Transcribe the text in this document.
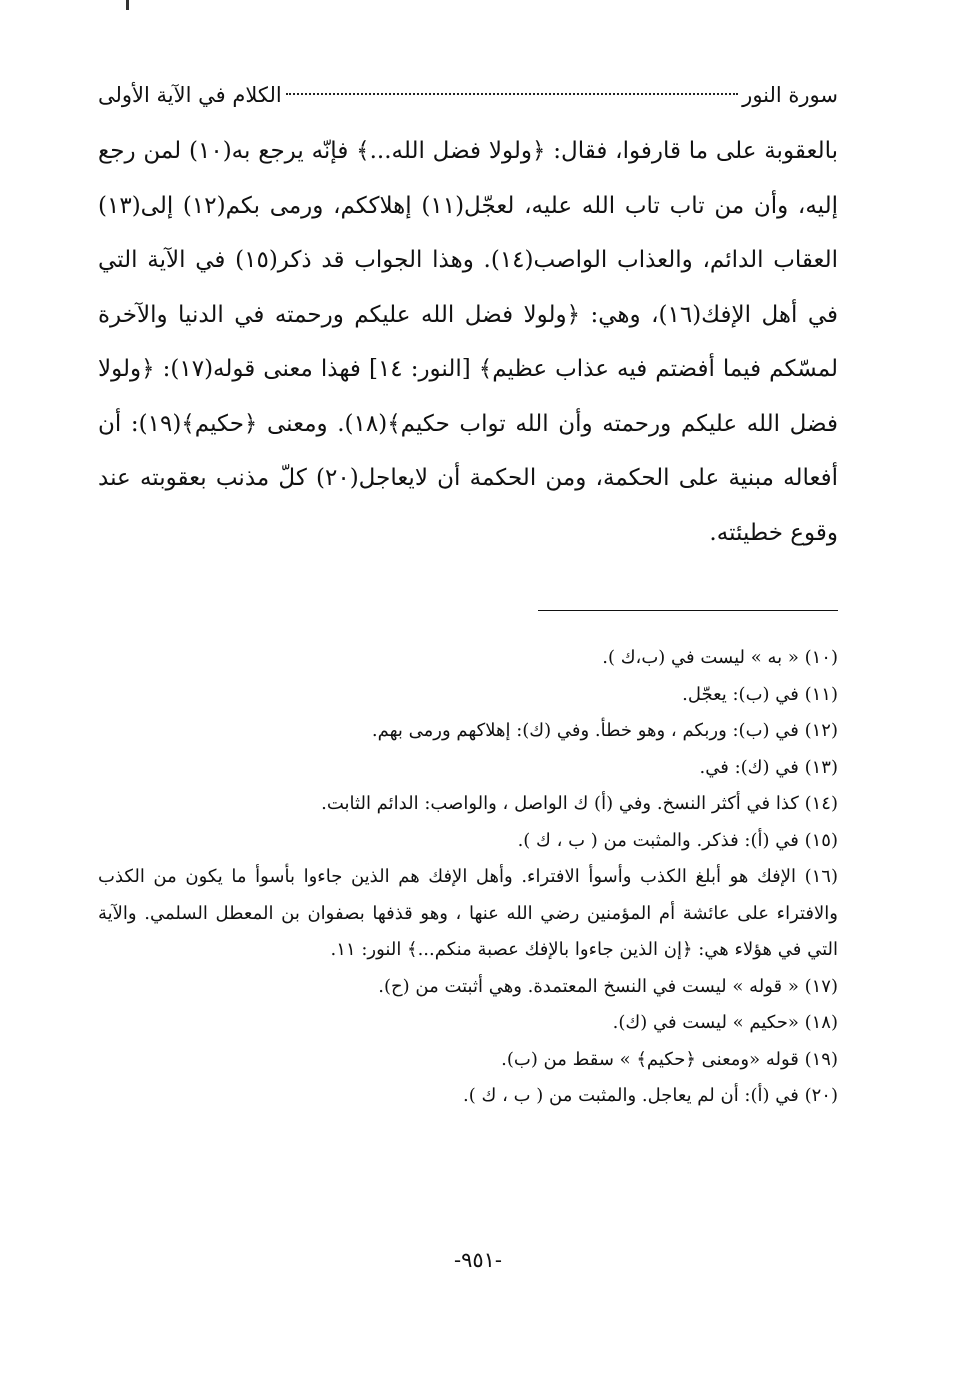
سورة النور
الكلام في الآية الأولى

بالعقوبة على ما قارفوا، فقال: ﴿ولولا فضل الله...﴾ فإنّه يرجع به(١٠) لمن رجع إليه، وأن من تاب تاب الله عليه، لعجّل(١١) إهلاككم، ورمى بكم(١٢) إلى(١٣) العقاب الدائم، والعذاب الواصب(١٤). وهذا الجواب قد ذكر(١٥) في الآية التي في أهل الإفك(١٦)، وهي: ﴿ولولا فضل الله عليكم ورحمته في الدنيا والآخرة لمسّكم فيما أفضتم فيه عذاب عظيم﴾ [النور: ١٤] فهذا معنى قوله(١٧): ﴿ولولا فضل الله عليكم ورحمته وأن الله تواب حكيم﴾(١٨). ومعنى ﴿حكيم﴾(١٩): أن أفعاله مبنية على الحكمة، ومن الحكمة أن لايعاجل(٢٠) كلّ مذنب بعقوبته عند وقوع خطيئته.

(١٠) « به » ليست في (ب،ك ).

(١١) في (ب): يعجّل.

(١٢) في (ب): وربكم ، وهو خطأ. وفي (ك): إهلاكهم ورمى بهم.

(١٣) في (ك): في.

(١٤) كذا في أكثر النسخ. وفي (أ) ك الواصل ، والواصب: الدائم الثابت.

(١٥) في (أ): فذكر. والمثبت من ( ب ، ك ).

(١٦) الإفك هو أبلغ الكذب وأسوأ الافتراء. وأهل الإفك هم الذين جاءوا بأسوأ ما يكون من الكذب والافتراء على عائشة أم المؤمنين رضي الله عنها ، وهو قذفها بصفوان بن المعطل السلمي. والآية التي في هؤلاء هي: ﴿إن الذين جاءوا بالإفك عصبة منكم...﴾ النور: ١١.

(١٧) « قوله » ليست في النسخ المعتمدة. وهي أثبتت من (ح).

(١٨) «حكيم » ليست في (ك).

(١٩) قوله «ومعنى ﴿حكيم﴾ » سقط من (ب).

(٢٠) في (أ): أن لم يعاجل. والمثبت من ( ب ، ك ).

-٩٥١-
